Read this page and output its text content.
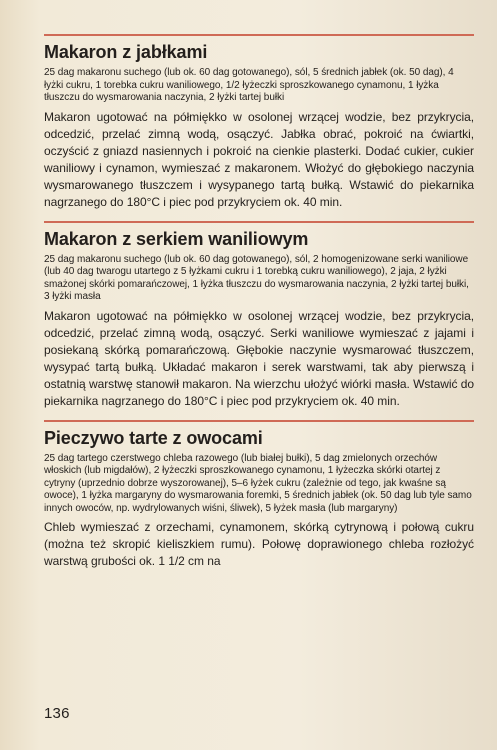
Makaron z jabłkami
25 dag makaronu suchego (lub ok. 60 dag gotowanego), sól, 5 średnich jabłek (ok. 50 dag), 4 łyżki cukru, 1 torebka cukru waniliowego, 1/2 łyżeczki sproszkowanego cynamonu, 1 łyżka tłuszczu do wysmarowania naczynia, 2 łyżki tartej bułki
Makaron ugotować na półmiękko w osolonej wrzącej wodzie, bez przykrycia, odcedzić, przelać zimną wodą, osączyć. Jabłka obrać, pokroić na ćwiartki, oczyścić z gniazd nasiennych i pokroić na cienkie plasterki. Dodać cukier, cukier waniliowy i cynamon, wymieszać z makaronem. Włożyć do głębokiego naczynia wysmarowanego tłuszczem i wysypanego tartą bułką. Wstawić do piekarnika nagrzanego do 180°C i piec pod przykryciem ok. 40 min.
Makaron z serkiem waniliowym
25 dag makaronu suchego (lub ok. 60 dag gotowanego), sól, 2 homogenizowane serki waniliowe (lub 40 dag twarogu utartego z 5 łyżkami cukru i 1 torebką cukru waniliowego), 2 jaja, 2 łyżki smażonej skórki pomarańczowej, 1 łyżka tłuszczu do wysmarowania naczynia, 2 łyżki tartej bułki, 3 łyżki masła
Makaron ugotować na półmiękko w osolonej wrzącej wodzie, bez przykrycia, odcedzić, przelać zimną wodą, osączyć. Serki waniliowe wymieszać z jajami i posiekaną skórką pomarańczową. Głębokie naczynie wysmarować tłuszczem, wysypać tartą bułką. Układać makaron i serek warstwami, tak aby pierwszą i ostatnią warstwę stanowił makaron. Na wierzchu ułożyć wiórki masła. Wstawić do piekarnika nagrzanego do 180°C i piec pod przykryciem ok. 40 min.
Pieczywo tarte z owocami
25 dag tartego czerstwego chleba razowego (lub białej bułki), 5 dag zmielonych orzechów włoskich (lub migdałów), 2 łyżeczki sproszkowanego cynamonu, 1 łyżeczka skórki otartej z cytryny (uprzednio dobrze wyszorowanej), 5–6 łyżek cukru (zależnie od tego, jak kwaśne są owoce), 1 łyżka margaryny do wysmarowania foremki, 5 średnich jabłek (ok. 50 dag lub tyle samo innych owoców, np. wydrylowanych wiśni, śliwek), 5 łyżek masła (lub margaryny)
Chleb wymieszać z orzechami, cynamonem, skórką cytrynową i połową cukru (można też skropić kieliszkiem rumu). Połowę doprawionego chleba rozłożyć warstwą grubości ok. 1 1/2 cm na
136
